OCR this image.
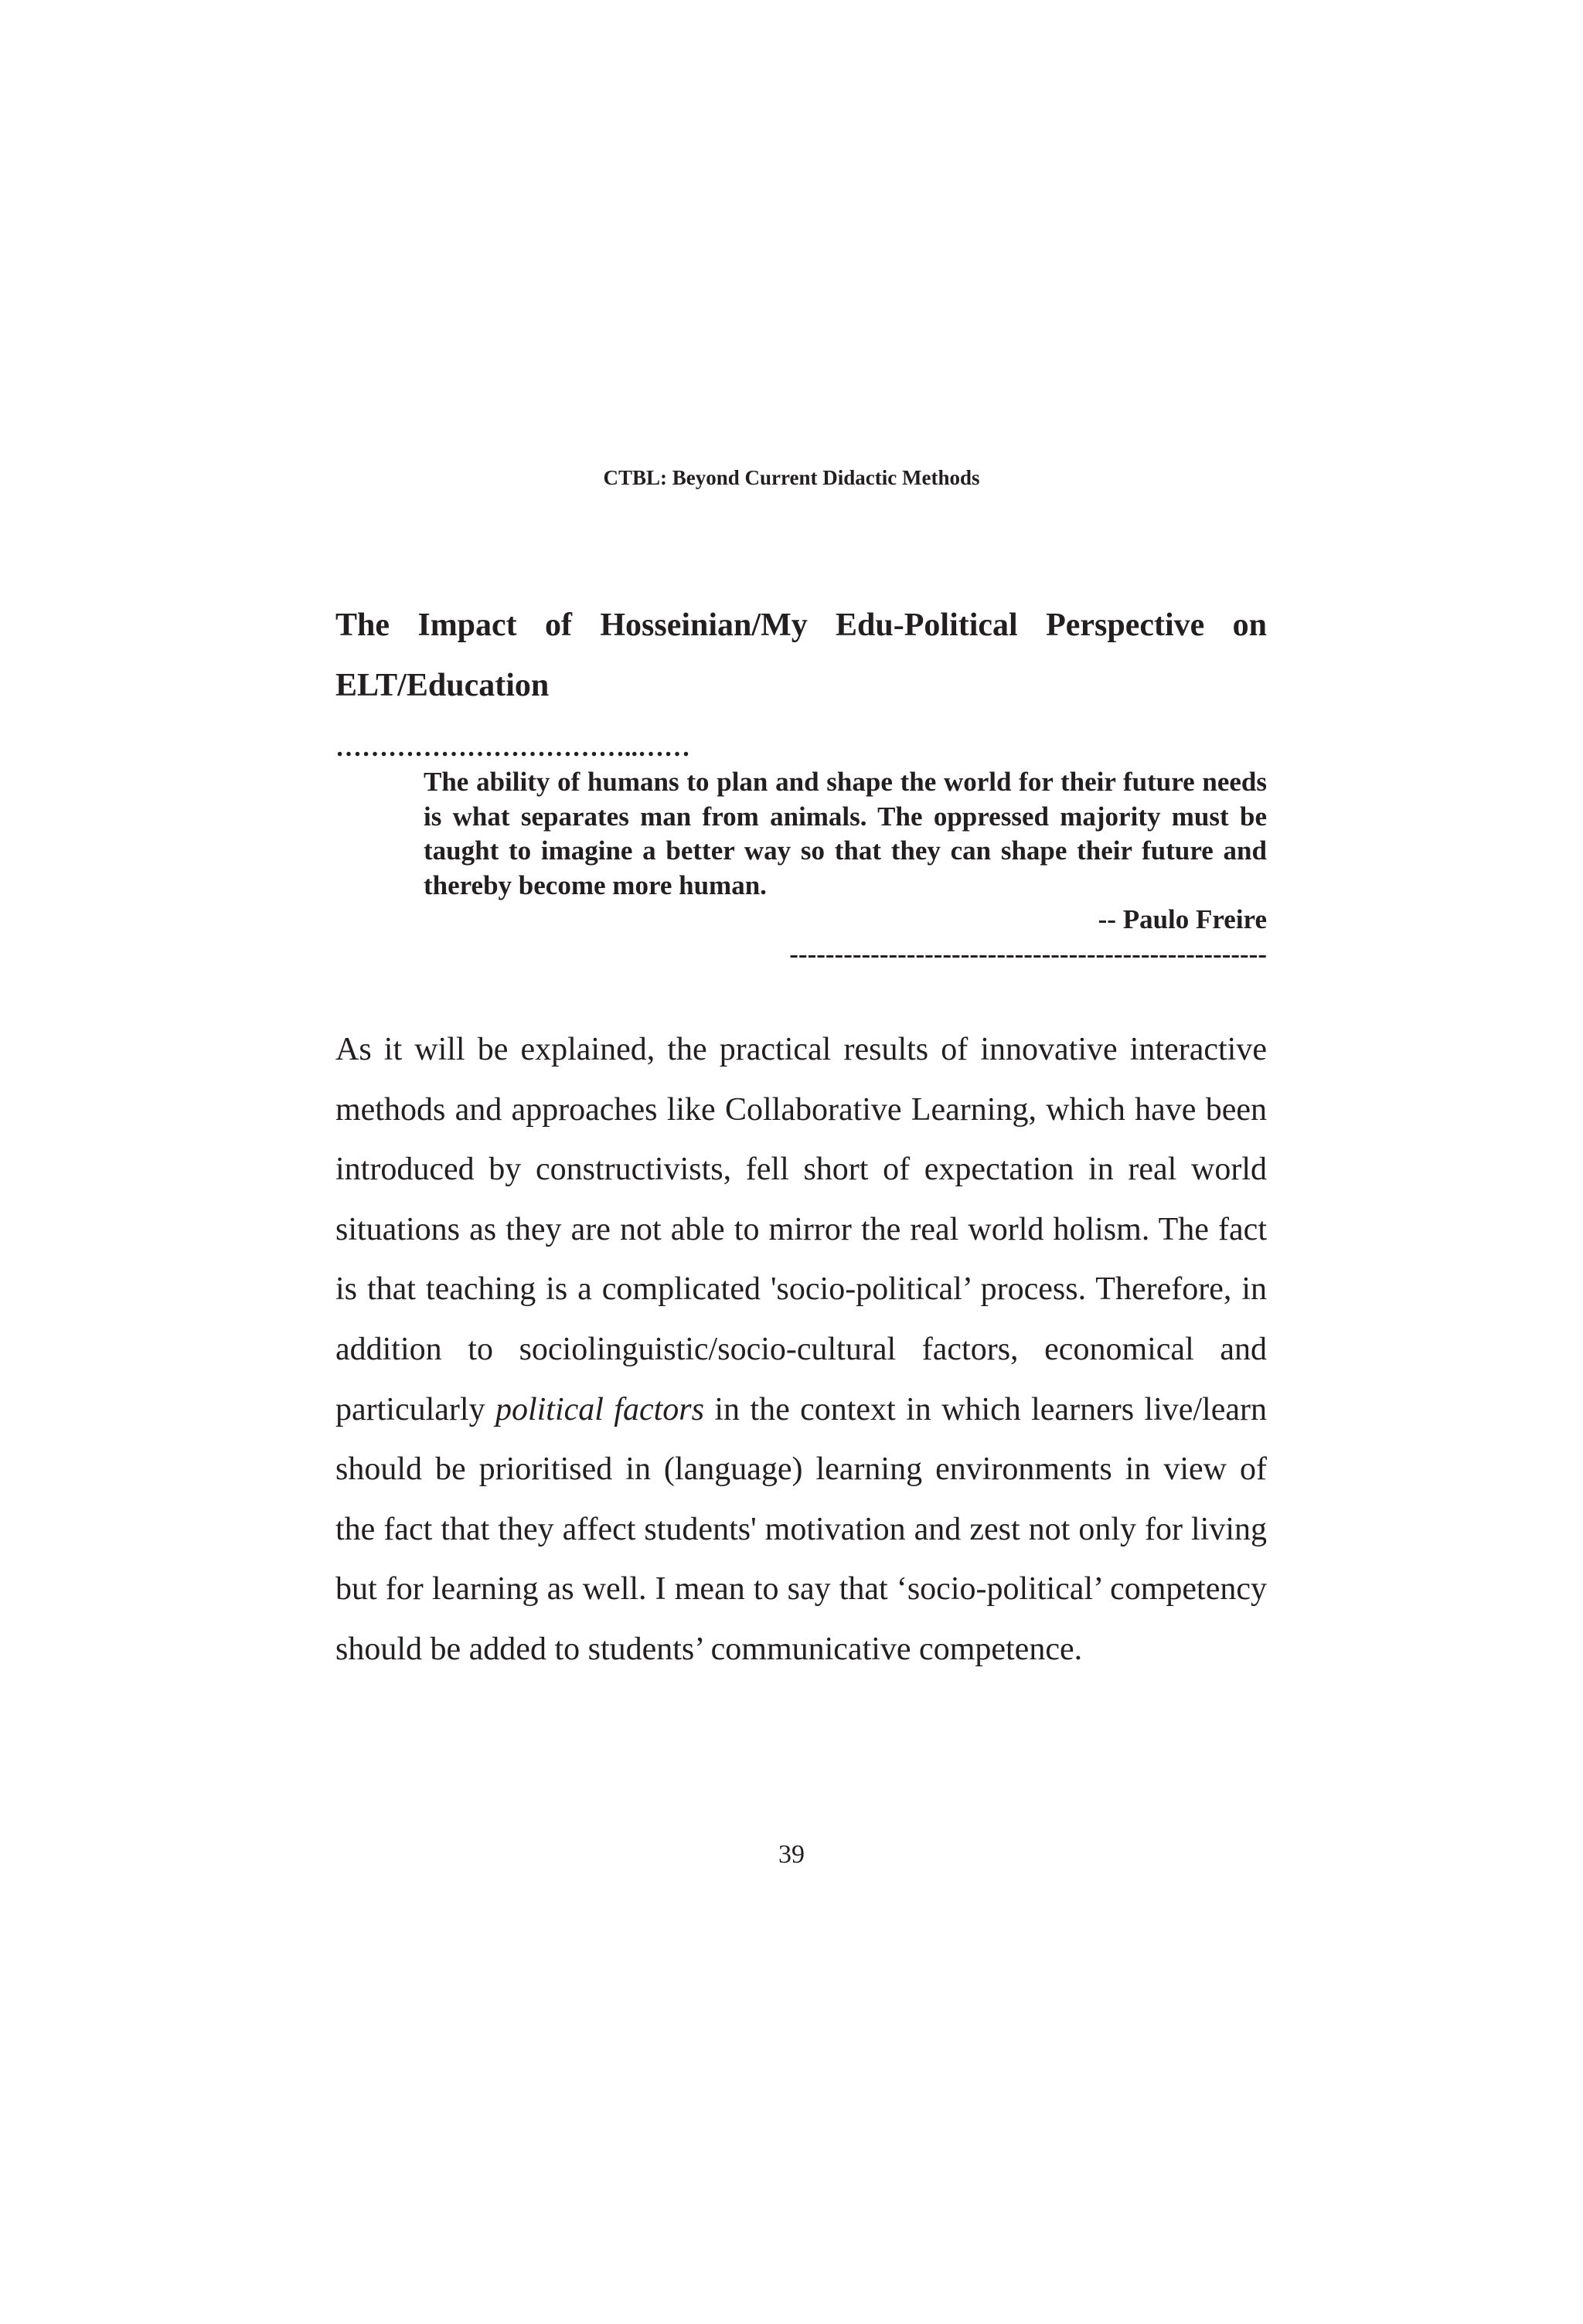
CTBL: Beyond Current Didactic Methods
The Impact of Hosseinian/My Edu-Political Perspective on ELT/Education
……………………………..……

The ability of humans to plan and shape the world for their future needs is what separates man from animals. The oppressed majority must be taught to imagine a better way so that they can shape their future and thereby become more human.

-- Paulo Freire

-----------------------------------------------------

As it will be explained, the practical results of innovative interactive methods and approaches like Collaborative Learning, which have been introduced by constructivists, fell short of expectation in real world situations as they are not able to mirror the real world holism. The fact is that teaching is a complicated 'socio-political’ process. Therefore, in addition to sociolinguistic/socio-cultural factors, economical and particularly political factors in the context in which learners live/learn should be prioritised in (language) learning environments in view of the fact that they affect students' motivation and zest not only for living but for learning as well. I mean to say that ‘socio-political’ competency should be added to students’ communicative competence.

39
